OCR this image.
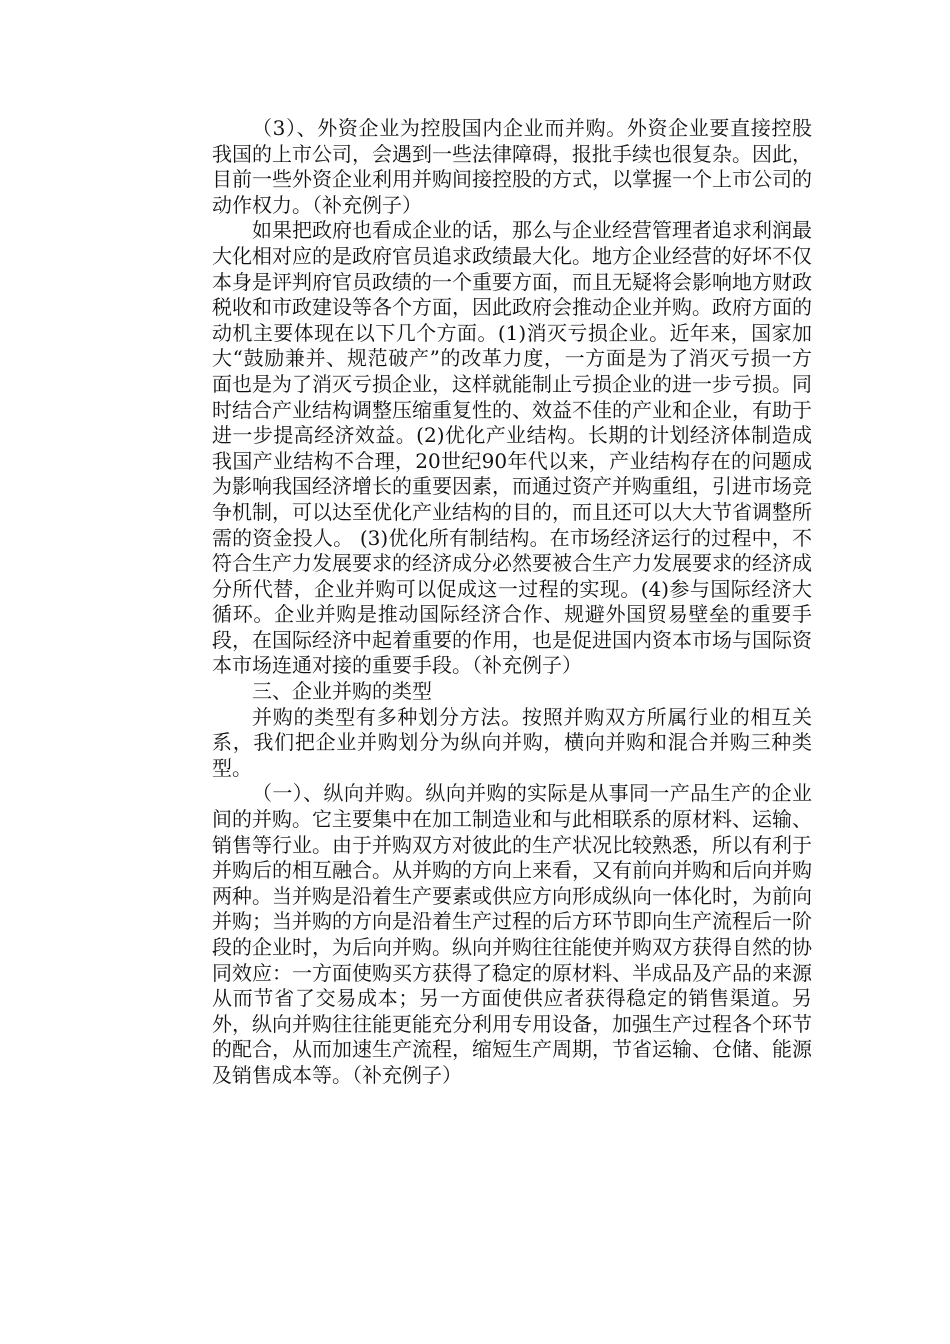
（3）、外资企业为控股国内企业而并购。外资企业要直接控股我国的上市公司，会遇到一些法律障碍，报批手续也很复杂。因此，目前一些外资企业利用并购间接控股的方式，以掌握一个上市公司的动作权力。（补充例子）

如果把政府也看成企业的话，那么与企业经营管理者追求利润最大化相对应的是政府官员追求政绩最大化。地方企业经营的好坏不仅本身是评判府官员政绩的一个重要方面，而且无疑将会影响地方财政税收和市政建设等各个方面，因此政府会推动企业并购。政府方面的动机主要体现在以下几个方面。(1)消灭亏损企业。近年来，国家加大“鼓励兼并、规范破产”的改革力度，一方面是为了消灭亏损一方面也是为了消灭亏损企业，这样就能制止亏损企业的进一步亏损。同时结合产业结构调整压缩重复性的、效益不佳的产业和企业，有助于进一步提高经济效益。(2)优化产业结构。长期的计划经济体制造成我国产业结构不合理，20世纪90年代以来，产业结构存在的问题成为影响我国经济增长的重要因素，而通过资产并购重组，引进市场竞争机制，可以达至优化产业结构的目的，而且还可以大大节省调整所需的资金投人。 (3)优化所有制结构。在市场经济运行的过程中，不符合生产力发展要求的经济成分必然要被合生产力发展要求的经济成分所代替，企业并购可以促成这一过程的实现。(4)参与国际经济大循环。企业并购是推动国际经济合作、规避外国贸易壁垒的重要手段，在国际经济中起着重要的作用，也是促进国内资本市场与国际资本市场连通对接的重要手段。（补充例子）

三、企业并购的类型

并购的类型有多种划分方法。按照并购双方所属行业的相互关系，我们把企业并购划分为纵向并购，横向并购和混合并购三种类型。

（一）、纵向并购。纵向并购的实际是从事同一产品生产的企业间的并购。它主要集中在加工制造业和与此相联系的原材料、运输、销售等行业。由于并购双方对彼此的生产状况比较熟悉，所以有利于并购后的相互融合。从并购的方向上来看，又有前向并购和后向并购两种。当并购是沿着生产要素或供应方向形成纵向一体化时，为前向并购；当并购的方向是沿着生产过程的后方环节即向生产流程后一阶段的企业时，为后向并购。纵向并购往往能使并购双方获得自然的协同效应：一方面使购买方获得了稳定的原材料、半成品及产品的来源从而节省了交易成本；另一方面使供应者获得稳定的销售渠道。另外，纵向并购往往能更能充分利用专用设备，加强生产过程各个环节的配合，从而加速生产流程，缩短生产周期，节省运输、仓储、能源及销售成本等。（补充例子）
